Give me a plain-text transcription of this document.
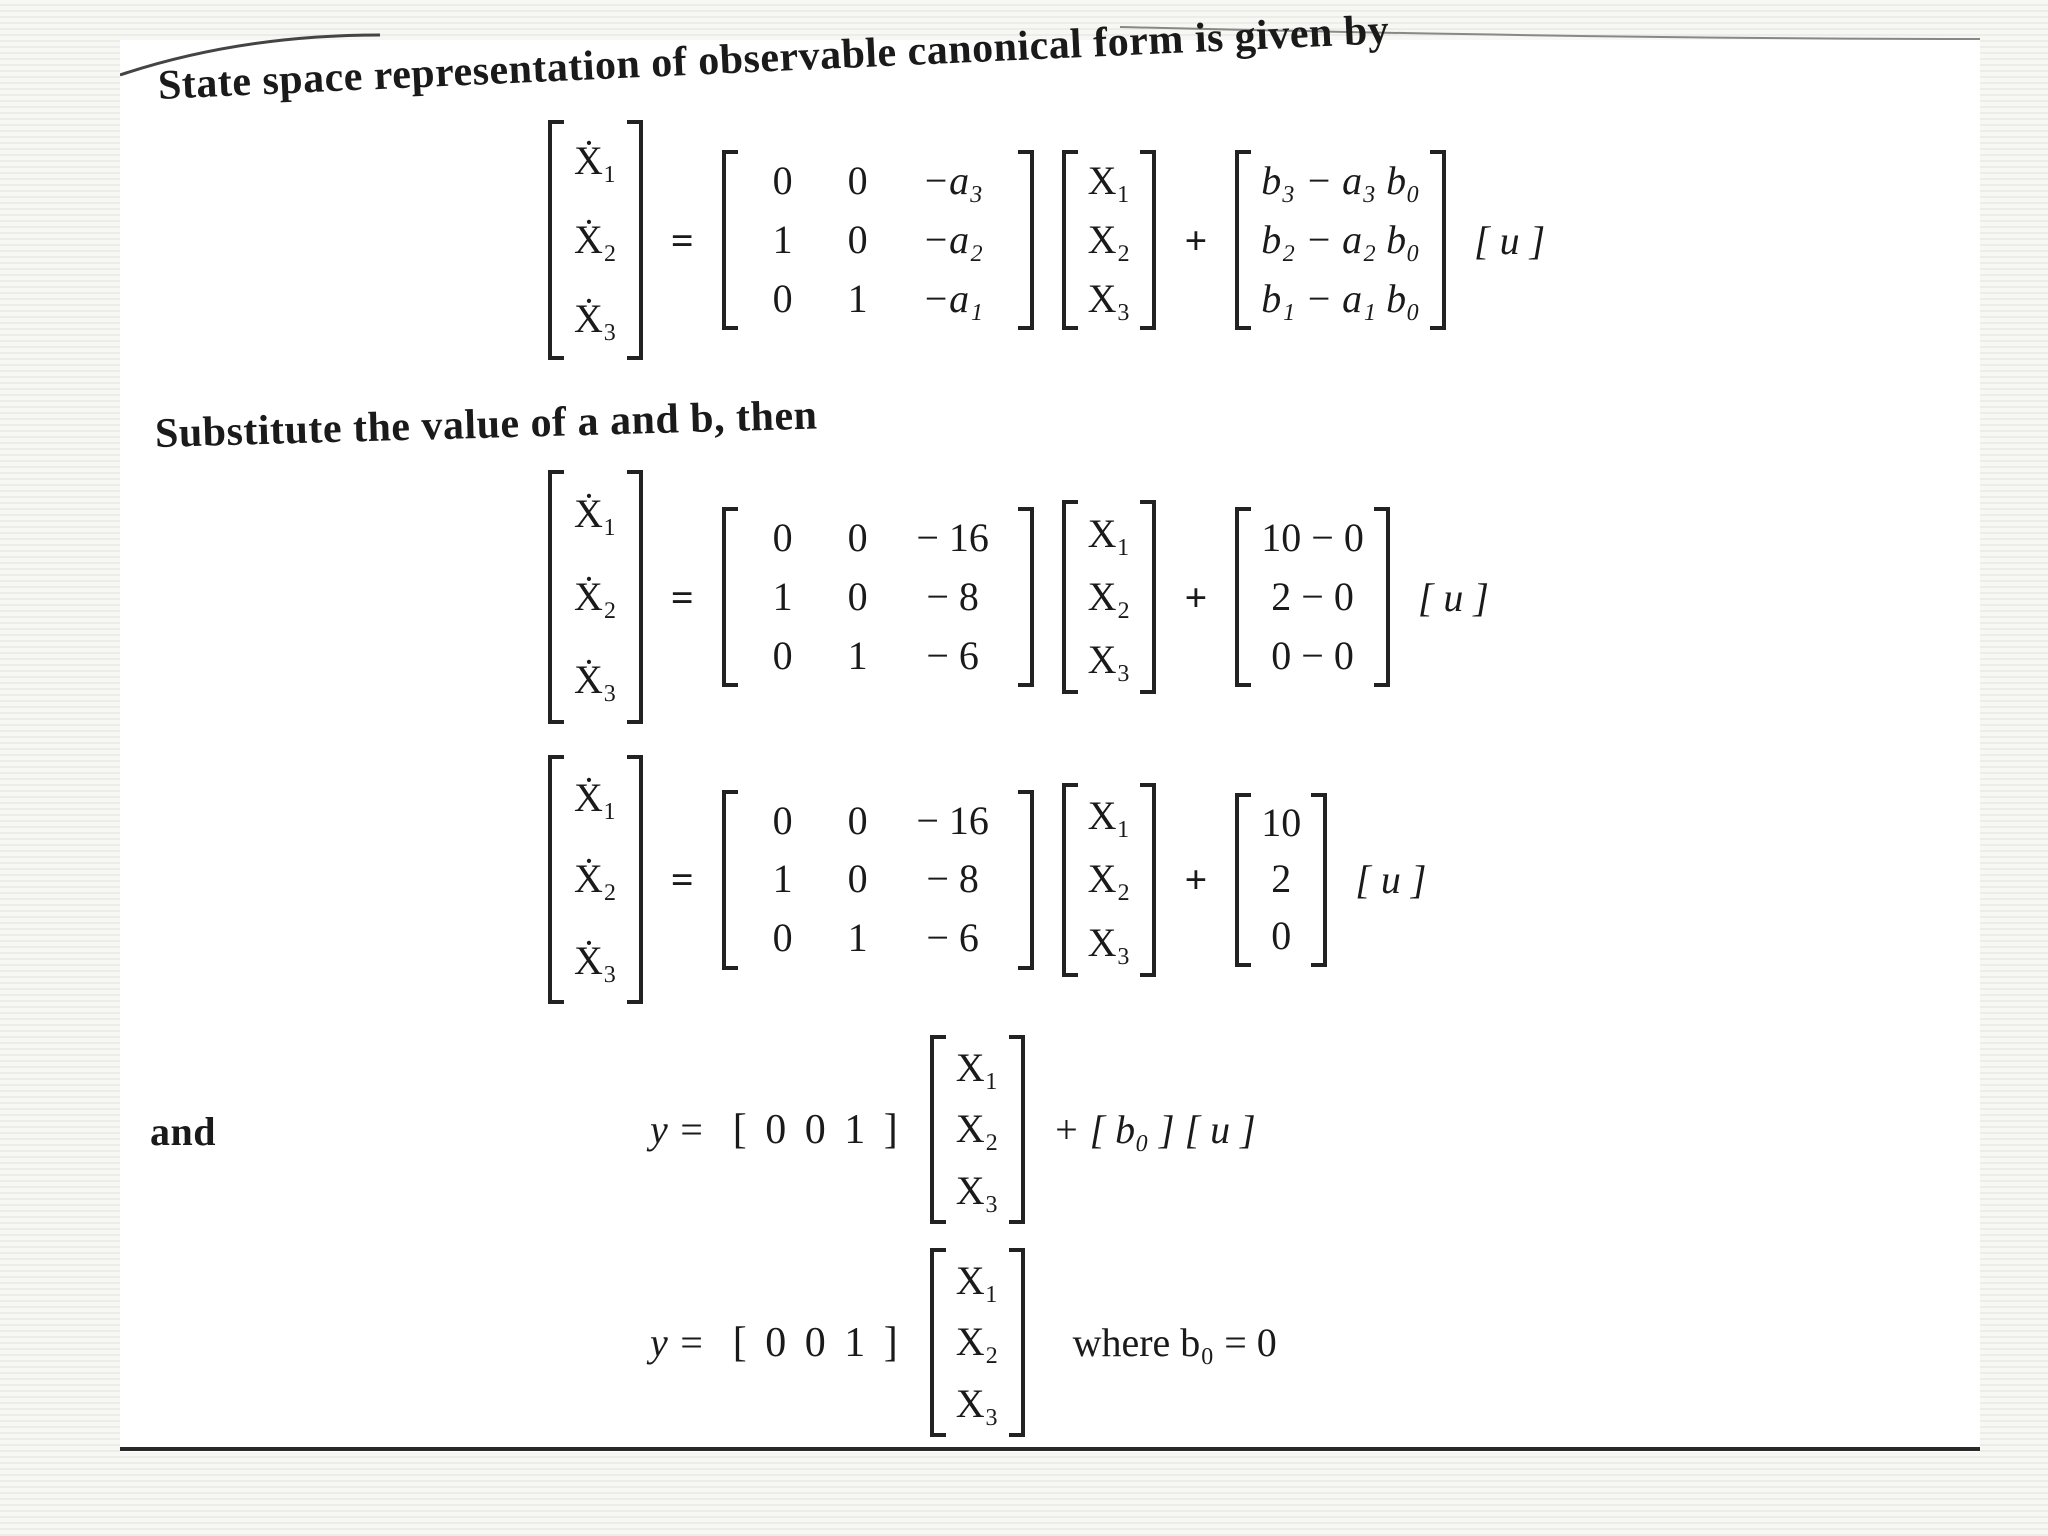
State space representation of observable canonical form is given by
Ẋ₁
Ẋ₂
Ẋ₃
=
0 0 −a₃
1 0 −a₂
0 1 −a₁
X₁
X₂
X₃
+
b₃ − a₃ b₀
b₂ − a₂ b₀
b₁ − a₁ b₀
[ u ]
Substitute the value of a and b, then
Ẋ₁
Ẋ₂
Ẋ₃
=
0 0 − 16
1 0 − 8
0 1 − 6
X₁
X₂
X₃
+
10 − 0
2 − 0
0 − 0
[ u ]
Ẋ₁
Ẋ₂
Ẋ₃
=
0 0 − 16
1 0 − 8
0 1 − 6
X₁
X₂
X₃
+
10
2
0
[ u ]
and	y = [ 0 0 1 ]
X₁
X₂
X₃
+ [ b₀ ] [ u ]
y = [ 0 0 1 ]
X₁
X₂
X₃
where b₀ = 0
